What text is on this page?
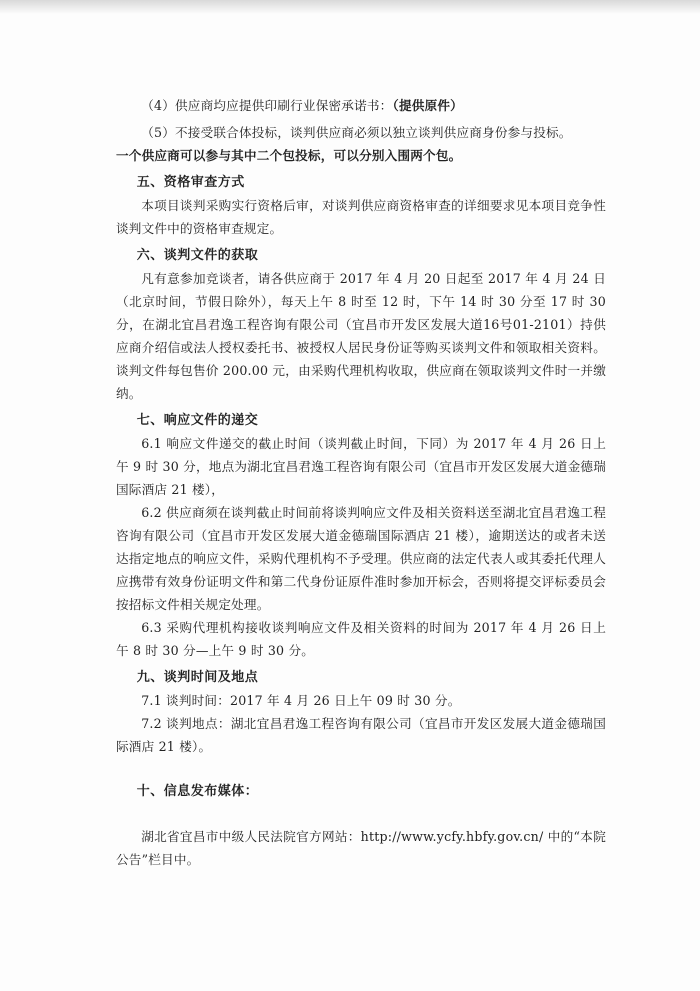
（4）供应商均应提供印刷行业保密承诺书：（提供原件）

（5）不接受联合体投标，谈判供应商必须以独立谈判供应商身份参与投标。

一个供应商可以参与其中二个包投标，可以分别入围两个包。

五、资格审查方式

本项目谈判采购实行资格后审，对谈判供应商资格审查的详细要求见本项目竞争性谈判文件中的资格审查规定。

六、谈判文件的获取

凡有意参加竞谈者，请各供应商于 2017 年 4 月 20 日起至 2017 年 4 月 24 日（北京时间，节假日除外），每天上午 8 时至 12 时，下午 14 时 30 分至 17 时 30 分，在湖北宜昌君逸工程咨询有限公司（宜昌市开发区发展大道16号01-2101）持供应商介绍信或法人授权委托书、被授权人居民身份证等购买谈判文件和领取相关资料。谈判文件每包售价 200.00 元，由采购代理机构收取，供应商在领取谈判文件时一并缴纳。

七、响应文件的递交

6.1 响应文件递交的截止时间（谈判截止时间，下同）为 2017 年 4 月 26 日上午 9 时 30 分，地点为湖北宜昌君逸工程咨询有限公司（宜昌市开发区发展大道金德瑞国际酒店 21 楼），

6.2 供应商须在谈判截止时间前将谈判响应文件及相关资料送至湖北宜昌君逸工程咨询有限公司（宜昌市开发区发展大道金德瑞国际酒店 21 楼），逾期送达的或者未送达指定地点的响应文件，采购代理机构不予受理。供应商的法定代表人或其委托代理人应携带有效身份证明文件和第二代身份证原件准时参加开标会，否则将提交评标委员会按招标文件相关规定处理。

6.3 采购代理机构接收谈判响应文件及相关资料的时间为 2017 年 4 月 26 日上午 8 时 30 分—上午 9 时 30 分。

九、谈判时间及地点

7.1 谈判时间：2017 年 4 月 26 日上午 09 时 30 分。

7.2 谈判地点：湖北宜昌君逸工程咨询有限公司（宜昌市开发区发展大道金德瑞国际酒店 21 楼）。

十、信息发布媒体：

湖北省宜昌市中级人民法院官方网站：http://www.ycfy.hbfy.gov.cn/ 中的“本院公告”栏目中。
